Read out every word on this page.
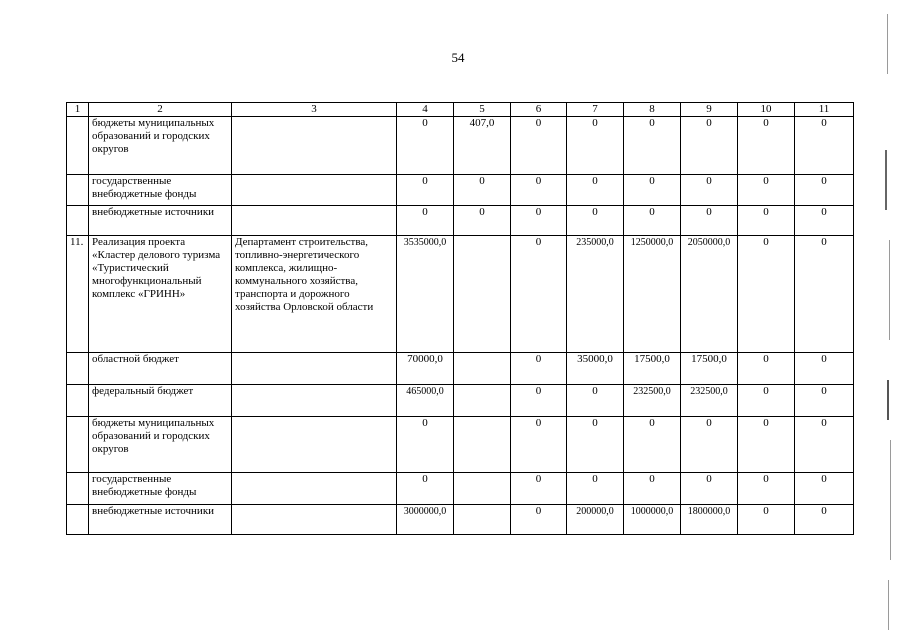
54
1	2	3	4	5	6	7	8	9	10	11
	бюджеты муниципальных образований и городских округов		0	407,0	0	0	0	0	0	0
	государственные внебюджетные фонды		0	0	0	0	0	0	0	0
	внебюджетные источники		0	0	0	0	0	0	0	0
11.	Реализация проекта «Кластер делового туризма «Туристический многофункциональный комплекс «ГРИНН»	Департамент строительства, топливно-энергетического комплекса, жилищно-коммунального хозяйства, транспорта и дорожного хозяйства Орловской области	3535000,0		0	235000,0	1250000,0	2050000,0	0	0
	областной бюджет		70000,0		0	35000,0	17500,0	17500,0	0	0
	федеральный бюджет		465000,0		0	0	232500,0	232500,0	0	0
	бюджеты муниципальных образований и городских округов		0		0	0	0	0	0	0
	государственные внебюджетные фонды		0		0	0	0	0	0	0
	внебюджетные источники		3000000,0		0	200000,0	1000000,0	1800000,0	0	0
